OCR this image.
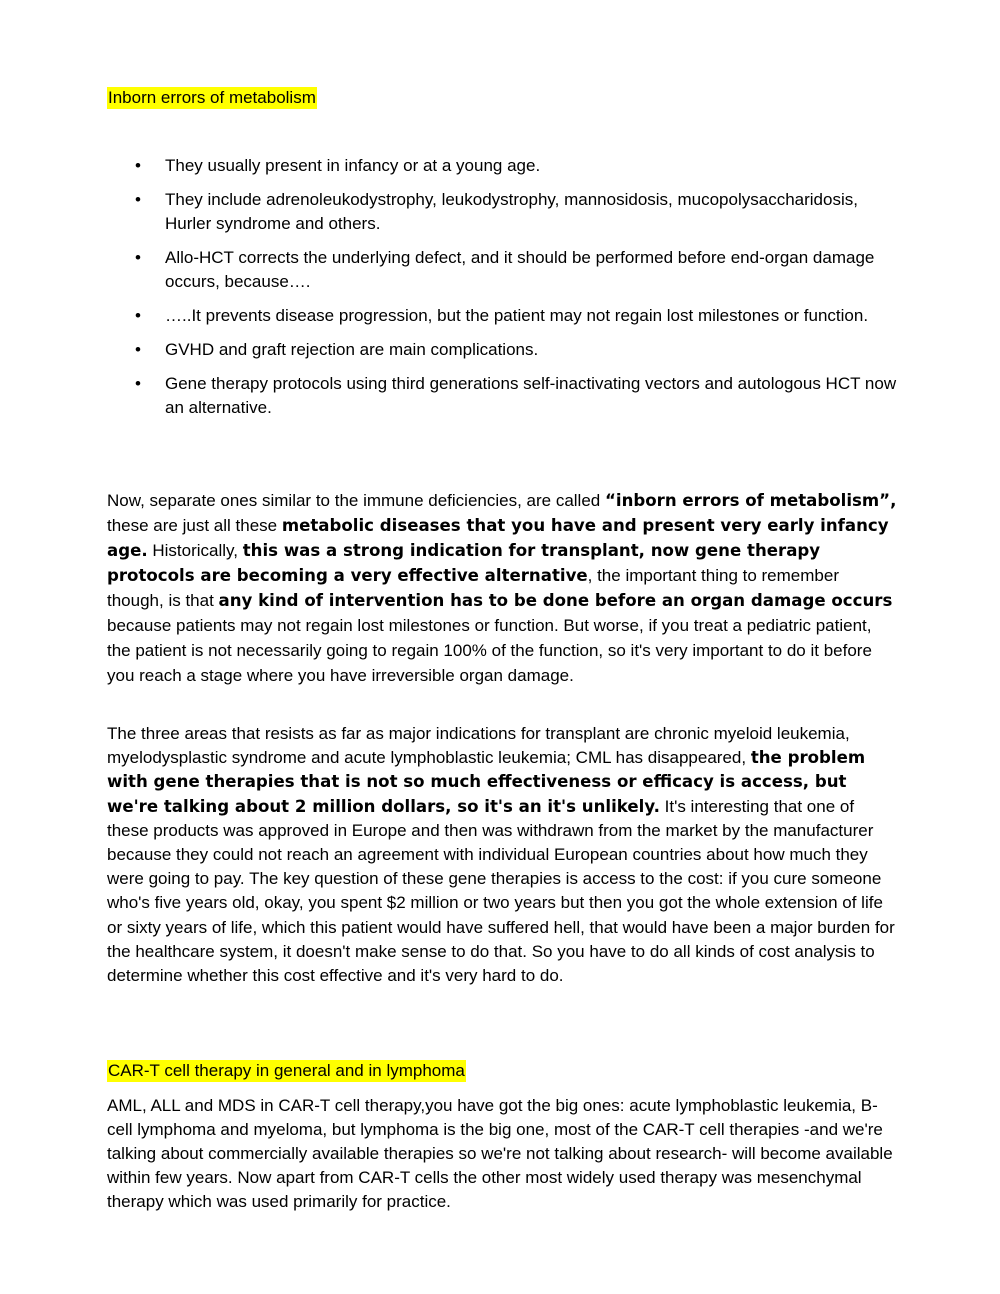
Inborn errors of metabolism
• They usually present in infancy or at a young age.
• They include adrenoleukodystrophy, leukodystrophy, mannosidosis, mucopolysaccharidosis, Hurler syndrome and others.
• Allo-HCT corrects the underlying defect, and it should be performed before end-organ damage occurs, because….
• …..It prevents disease progression, but the patient may not regain lost milestones or function.
• GVHD and graft rejection are main complications.
• Gene therapy protocols using third generations self-inactivating vectors and autologous HCT now an alternative.

Now, separate ones similar to the immune deficiencies, are called “inborn errors of metabolism”, these are just all these metabolic diseases that you have and present very early infancy age. Historically, this was a strong indication for transplant, now gene therapy protocols are becoming a very effective alternative, the important thing to remember though, is that any kind of intervention has to be done before an organ damage occurs because patients may not regain lost milestones or function. But worse, if you treat a pediatric patient, the patient is not necessarily going to regain 100% of the function, so it's very important to do it before you reach a stage where you have irreversible organ damage.

The three areas that resists as far as major indications for transplant are chronic myeloid leukemia, myelodysplastic syndrome and acute lymphoblastic leukemia; CML has disappeared, the problem with gene therapies that is not so much effectiveness or efficacy is access, but we're talking about 2 million dollars, so it's an it's unlikely. It's interesting that one of these products was approved in Europe and then was withdrawn from the market by the manufacturer because they could not reach an agreement with individual European countries about how much they were going to pay. The key question of these gene therapies is access to the cost: if you cure someone who's five years old, okay, you spent $2 million or two years but then you got the whole extension of life or sixty years of life, which this patient would have suffered hell, that would have been a major burden for the healthcare system, it doesn't make sense to do that. So you have to do all kinds of cost analysis to determine whether this cost effective and it's very hard to do.

CAR-T cell therapy in general and in lymphoma

AML, ALL and MDS in CAR-T cell therapy,you have got the big ones: acute lymphoblastic leukemia, B-cell lymphoma and myeloma, but lymphoma is the big one, most of the CAR-T cell therapies -and we're talking about commercially available therapies so we're not talking about research- will become available within few years. Now apart from CAR-T cells the other most widely used therapy was mesenchymal therapy which was used primarily for practice.
